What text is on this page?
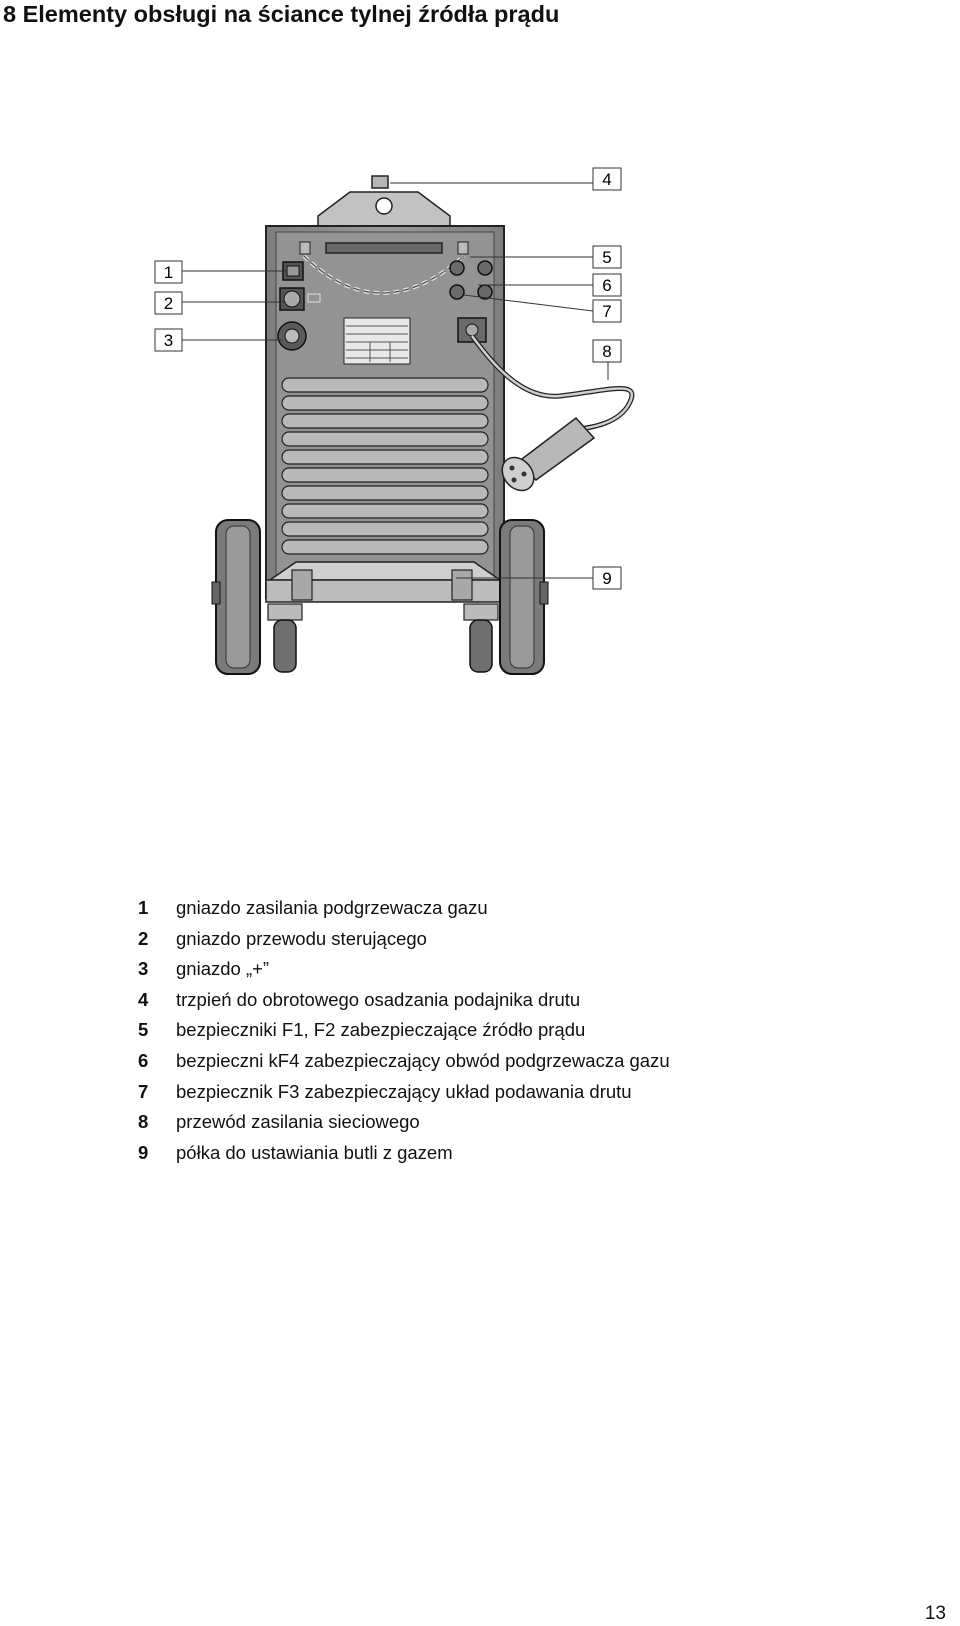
8 Elementy obsługi na ściance tylnej źródła prądu
1
2
3
4
5
6
7
8
9
1	gniazdo zasilania podgrzewacza gazu
2	gniazdo przewodu sterującego
3	gniazdo „+”
4	trzpień do obrotowego osadzania podajnika drutu
5	bezpieczniki F1, F2 zabezpieczające źródło prądu
6	bezpieczni kF4 zabezpieczający obwód podgrzewacza gazu
7	bezpiecznik F3 zabezpieczający układ podawania drutu
8	przewód zasilania sieciowego
9	półka do ustawiania butli z gazem
13
